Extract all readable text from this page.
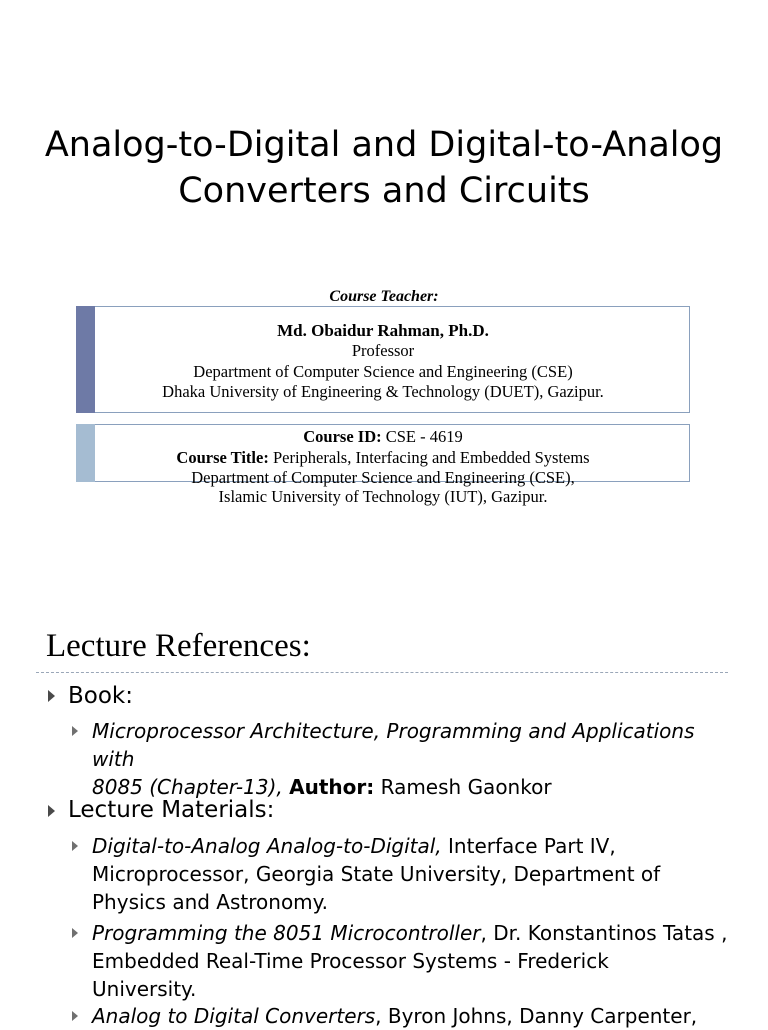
Analog-to-Digital and Digital-to-Analog
Converters and Circuits
Course Teacher:
Md. Obaidur Rahman, Ph.D.
Professor
Department of Computer Science and Engineering (CSE)
Dhaka University of Engineering & Technology (DUET), Gazipur.
Course ID: CSE - 4619
Course Title: Peripherals, Interfacing and Embedded Systems
Department of Computer Science and Engineering (CSE),
Islamic University of Technology (IUT), Gazipur.
Lecture References:
Book:
Microprocessor Architecture, Programming and Applications with
8085 (Chapter-13), Author: Ramesh Gaonkor
Lecture Materials:
Digital-to-Analog Analog-to-Digital, Interface Part IV,
Microprocessor, Georgia State University, Department of
Physics and Astronomy.
Programming the 8051 Microcontroller, Dr. Konstantinos Tatas ,
Embedded Real-Time Processor Systems - Frederick
University.
Analog to Digital Converters, Byron Johns, Danny Carpenter,
